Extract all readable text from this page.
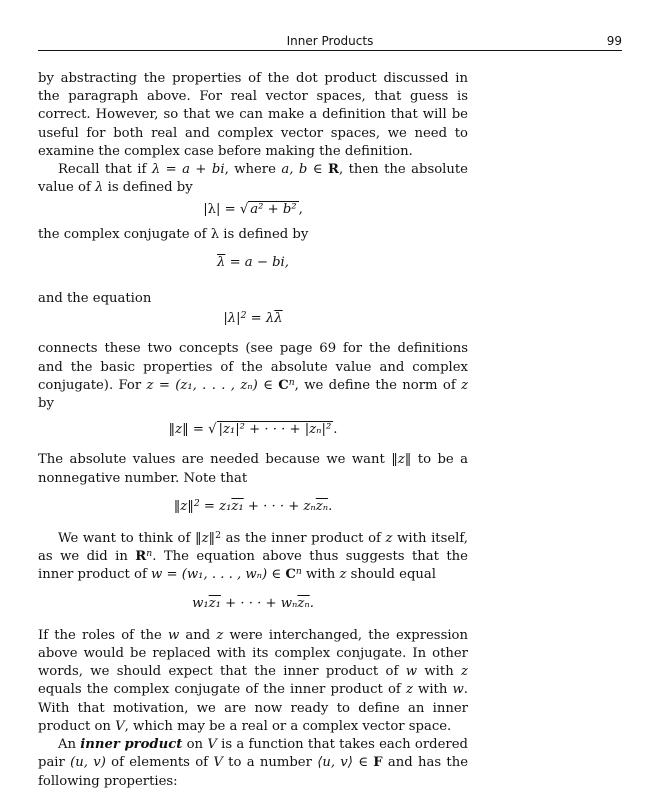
Inner Products	99

by abstracting the properties of the dot product discussed in the paragraph above. For real vector spaces, that guess is correct. However, so that we can make a definition that will be useful for both real and complex vector spaces, we need to examine the complex case before making the definition.

Recall that if λ = a + bi, where a, b ∈ R, then the absolute value of λ is defined by

|λ| = √ a² + b² ,

the complex conjugate of λ is defined by

$\overline{\lambda} = a$ − bi,

and the equation

$|\lambda|^2 = \lambda\overline{\lambda}$

connects these two concepts (see page 69 for the definitions and the basic properties of the absolute value and complex conjugate). For z = (z₁, . . . , zₙ) ∈ $C^n$, we define the norm of z by

‖z‖ = √ |z₁|² + · · · + |zₙ|² .

The absolute values are needed because we want ‖z‖ to be a nonnegative number. Note that

‖z‖$^2$ = z₁z₁ + · · · + $z_n\overline{z_n}$.

We want to think of ‖z‖$^2$ as the inner product of z with itself, as we did in $R^n$. The equation above thus suggests that the inner product of w = (w₁, . . . , wₙ) ∈ $C^n$ with z should equal

w₁z₁ + · · · + $w_n\overline{z_n}$.

If the roles of the w and z were interchanged, the expression above would be replaced with its complex conjugate. In other words, we should expect that the inner product of w with z equals the complex conjugate of the inner product of z with w. With that motivation, we are now ready to define an inner product on V, which may be a real or a complex vector space.

An inner product on V is a function that takes each ordered pair (u, v) of elements of V to a number ⟨u, v⟩ ∈ F and has the following properties:
